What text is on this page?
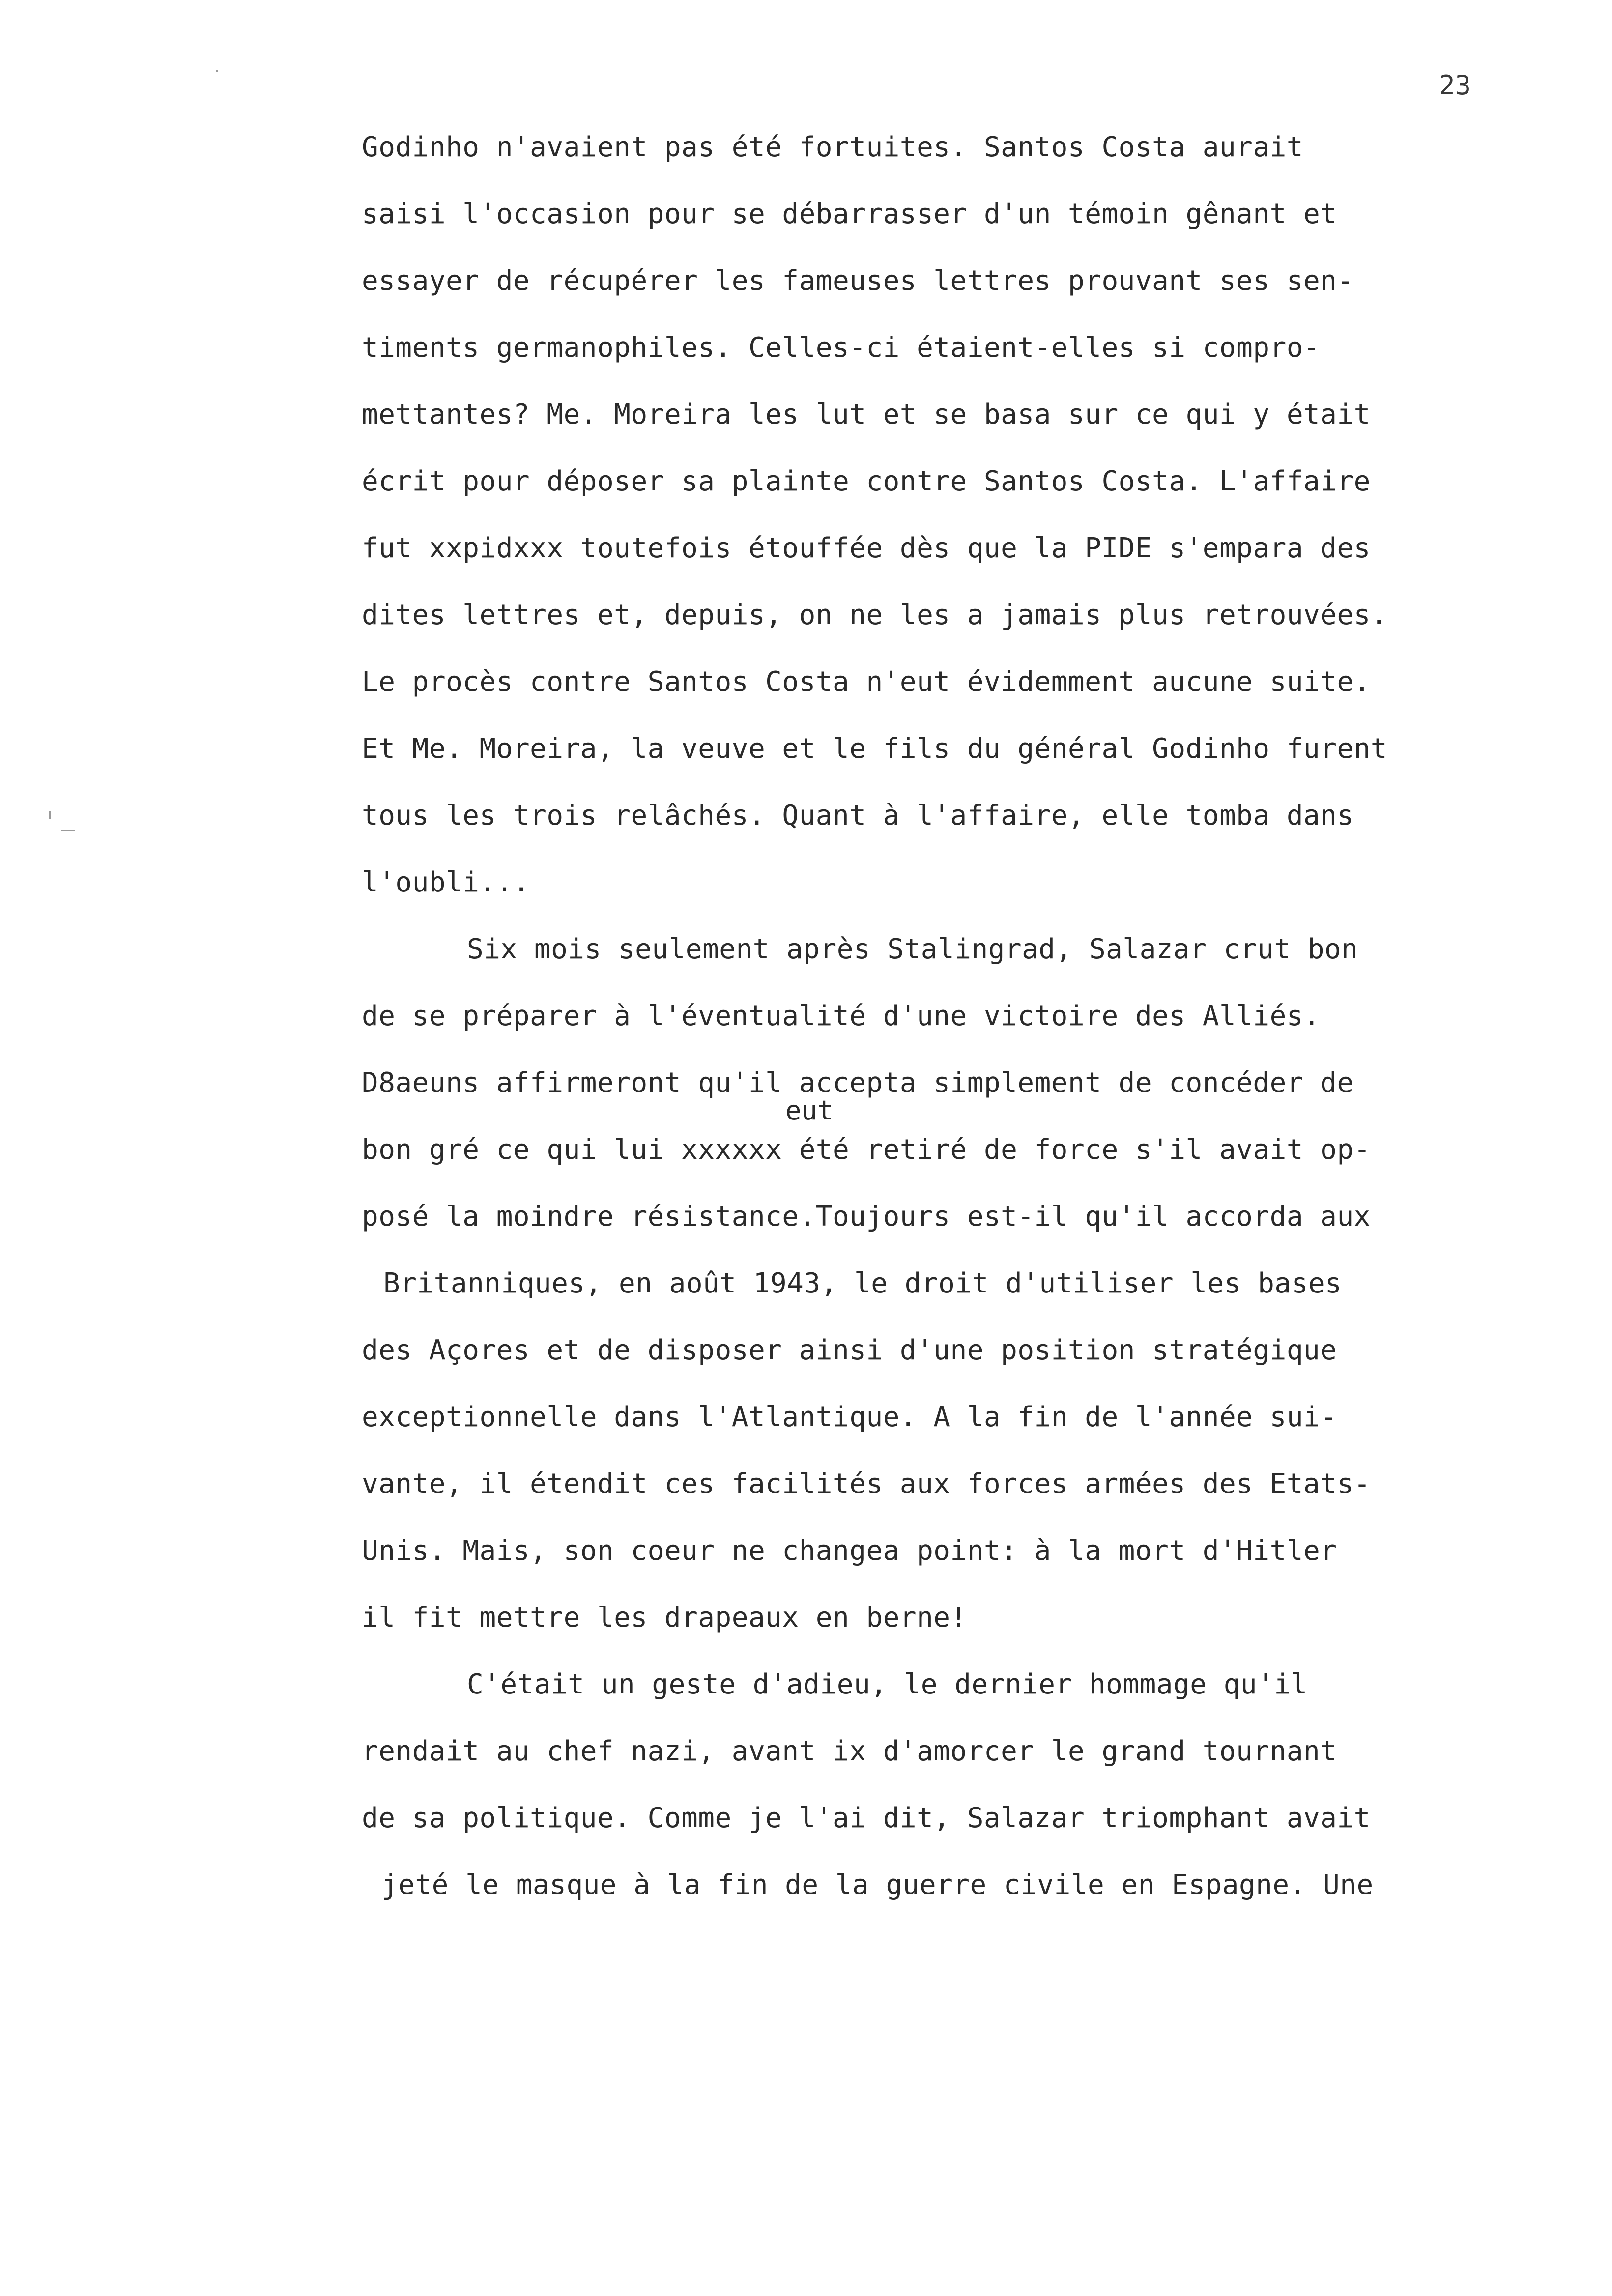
23
Godinho n'avaient pas été fortuites. Santos Costa aurait
saisi l'occasion pour se débarrasser d'un témoin gênant et
essayer de récupérer les fameuses lettres prouvant ses sen-
timents germanophiles. Celles-ci étaient-elles si compro-
mettantes? Me. Moreira les lut et se basa sur ce qui y était
écrit pour déposer sa plainte contre Santos Costa. L'affaire
fut xxpidxxx toutefois étouffée dès que la PIDE s'empara des
dites lettres et, depuis, on ne les a jamais plus retrouvées.
Le procès contre Santos Costa n'eut évidemment aucune suite.
Et Me. Moreira, la veuve et le fils du général Godinho furent
tous les trois relâchés. Quant à l'affaire, elle tomba dans
l'oubli...
Six mois seulement après Stalingrad, Salazar crut bon
de se préparer à l'éventualité d'une victoire des Alliés.
D8aeuns affirmeront qu'il accepta simplement de concéder de
eut
bon gré ce qui lui xxxxxx été retiré de force s'il avait op-
posé la moindre résistance.Toujours est-il qu'il accorda aux
Britanniques, en août 1943, le droit d'utiliser les bases
des Açores et de disposer ainsi d'une position stratégique
exceptionnelle dans l'Atlantique. A la fin de l'année sui-
vante, il étendit ces facilités aux forces armées des Etats-
Unis. Mais, son coeur ne changea point: à la mort d'Hitler
il fit mettre les drapeaux en berne!
C'était un geste d'adieu, le dernier hommage qu'il
rendait au chef nazi, avant ix d'amorcer le grand tournant
de sa politique. Comme je l'ai dit, Salazar triomphant avait
jeté le masque à la fin de la guerre civile en Espagne. Une
